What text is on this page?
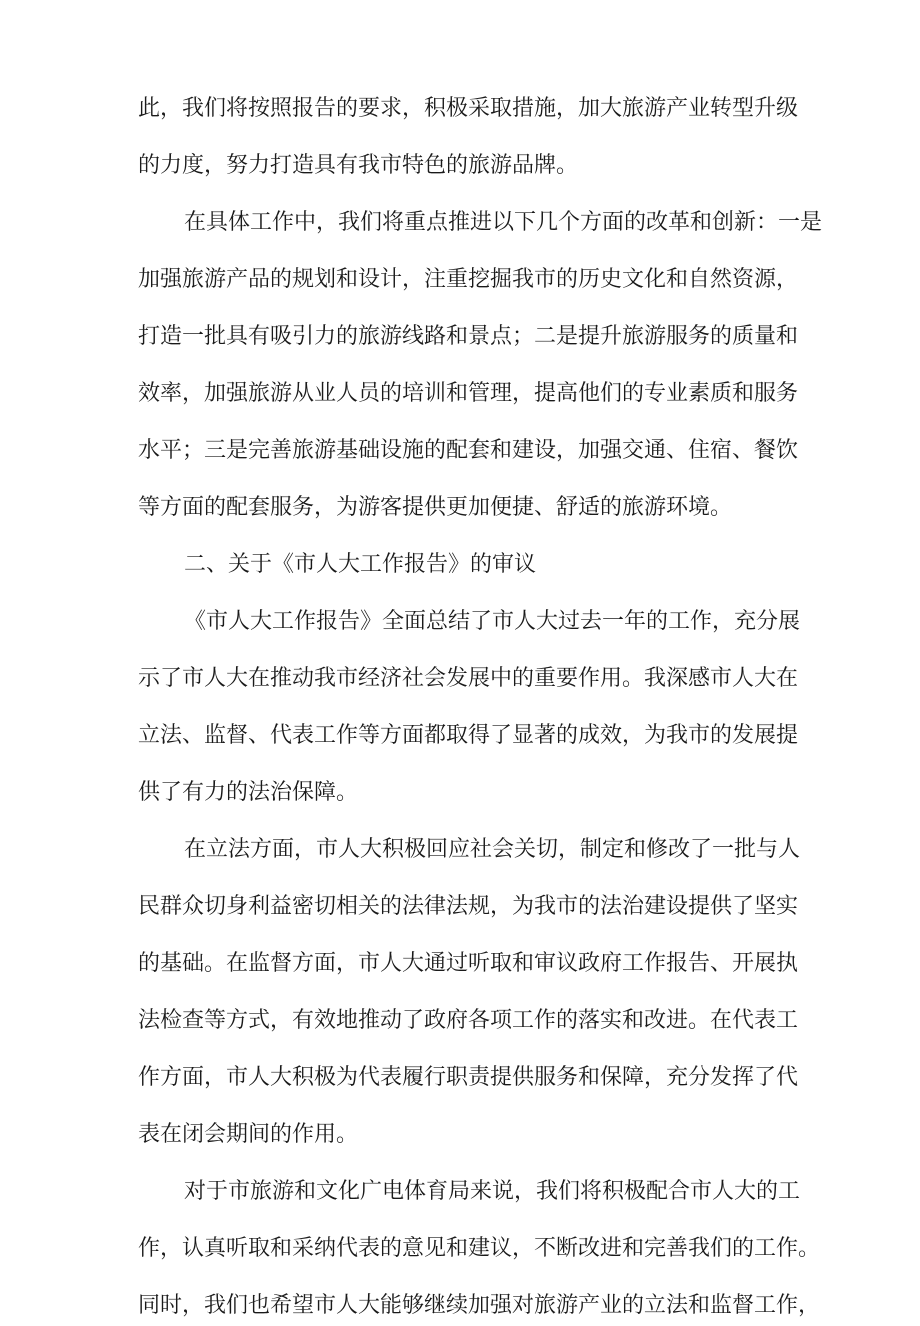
此，我们将按照报告的要求，积极采取措施，加大旅游产业转型升级
的力度，努力打造具有我市特色的旅游品牌。
在具体工作中，我们将重点推进以下几个方面的改革和创新：一是
加强旅游产品的规划和设计，注重挖掘我市的历史文化和自然资源，
打造一批具有吸引力的旅游线路和景点；二是提升旅游服务的质量和
效率，加强旅游从业人员的培训和管理，提高他们的专业素质和服务
水平；三是完善旅游基础设施的配套和建设，加强交通、住宿、餐饮
等方面的配套服务，为游客提供更加便捷、舒适的旅游环境。
二、关于《市人大工作报告》的审议
《市人大工作报告》全面总结了市人大过去一年的工作，充分展
示了市人大在推动我市经济社会发展中的重要作用。我深感市人大在
立法、监督、代表工作等方面都取得了显著的成效，为我市的发展提
供了有力的法治保障。
在立法方面，市人大积极回应社会关切，制定和修改了一批与人
民群众切身利益密切相关的法律法规，为我市的法治建设提供了坚实
的基础。在监督方面，市人大通过听取和审议政府工作报告、开展执
法检查等方式，有效地推动了政府各项工作的落实和改进。在代表工
作方面，市人大积极为代表履行职责提供服务和保障，充分发挥了代
表在闭会期间的作用。
对于市旅游和文化广电体育局来说，我们将积极配合市人大的工
作，认真听取和采纳代表的意见和建议，不断改进和完善我们的工作。
同时，我们也希望市人大能够继续加强对旅游产业的立法和监督工作，
